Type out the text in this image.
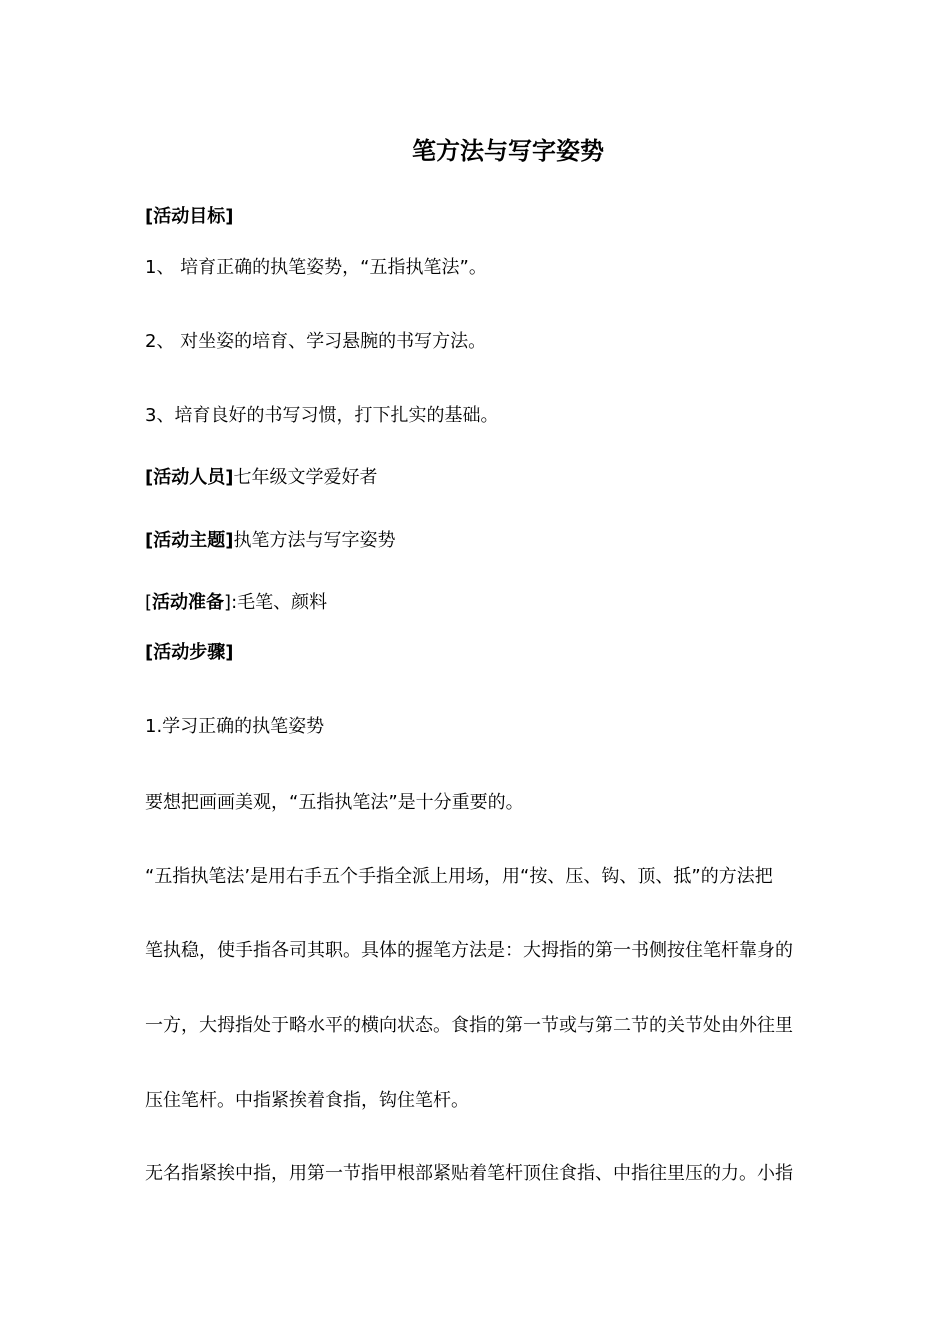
笔方法与写字姿势
[活动目标]
1、 培育正确的执笔姿势，“五指执笔法”。
2、 对坐姿的培育、学习悬腕的书写方法。
3、培育良好的书写习惯，打下扎实的基础。
[活动人员]七年级文学爱好者
[活动主题]执笔方法与写字姿势
[活动准备]:毛笔、颜料
[活动步骤]
1.学习正确的执笔姿势
要想把画画美观，“五指执笔法”是十分重要的。
“五指执笔法’是用右手五个手指全派上用场，用“按、压、钩、顶、抵”的方法把
笔执稳，使手指各司其职。具体的握笔方法是：大拇指的第一书侧按住笔杆靠身的
一方，大拇指处于略水平的横向状态。食指的第一节或与第二节的关节处由外往里
压住笔杆。中指紧挨着食指，钩住笔杆。
无名指紧挨中指，用第一节指甲根部紧贴着笔杆顶住食指、中指往里压的力。小指
